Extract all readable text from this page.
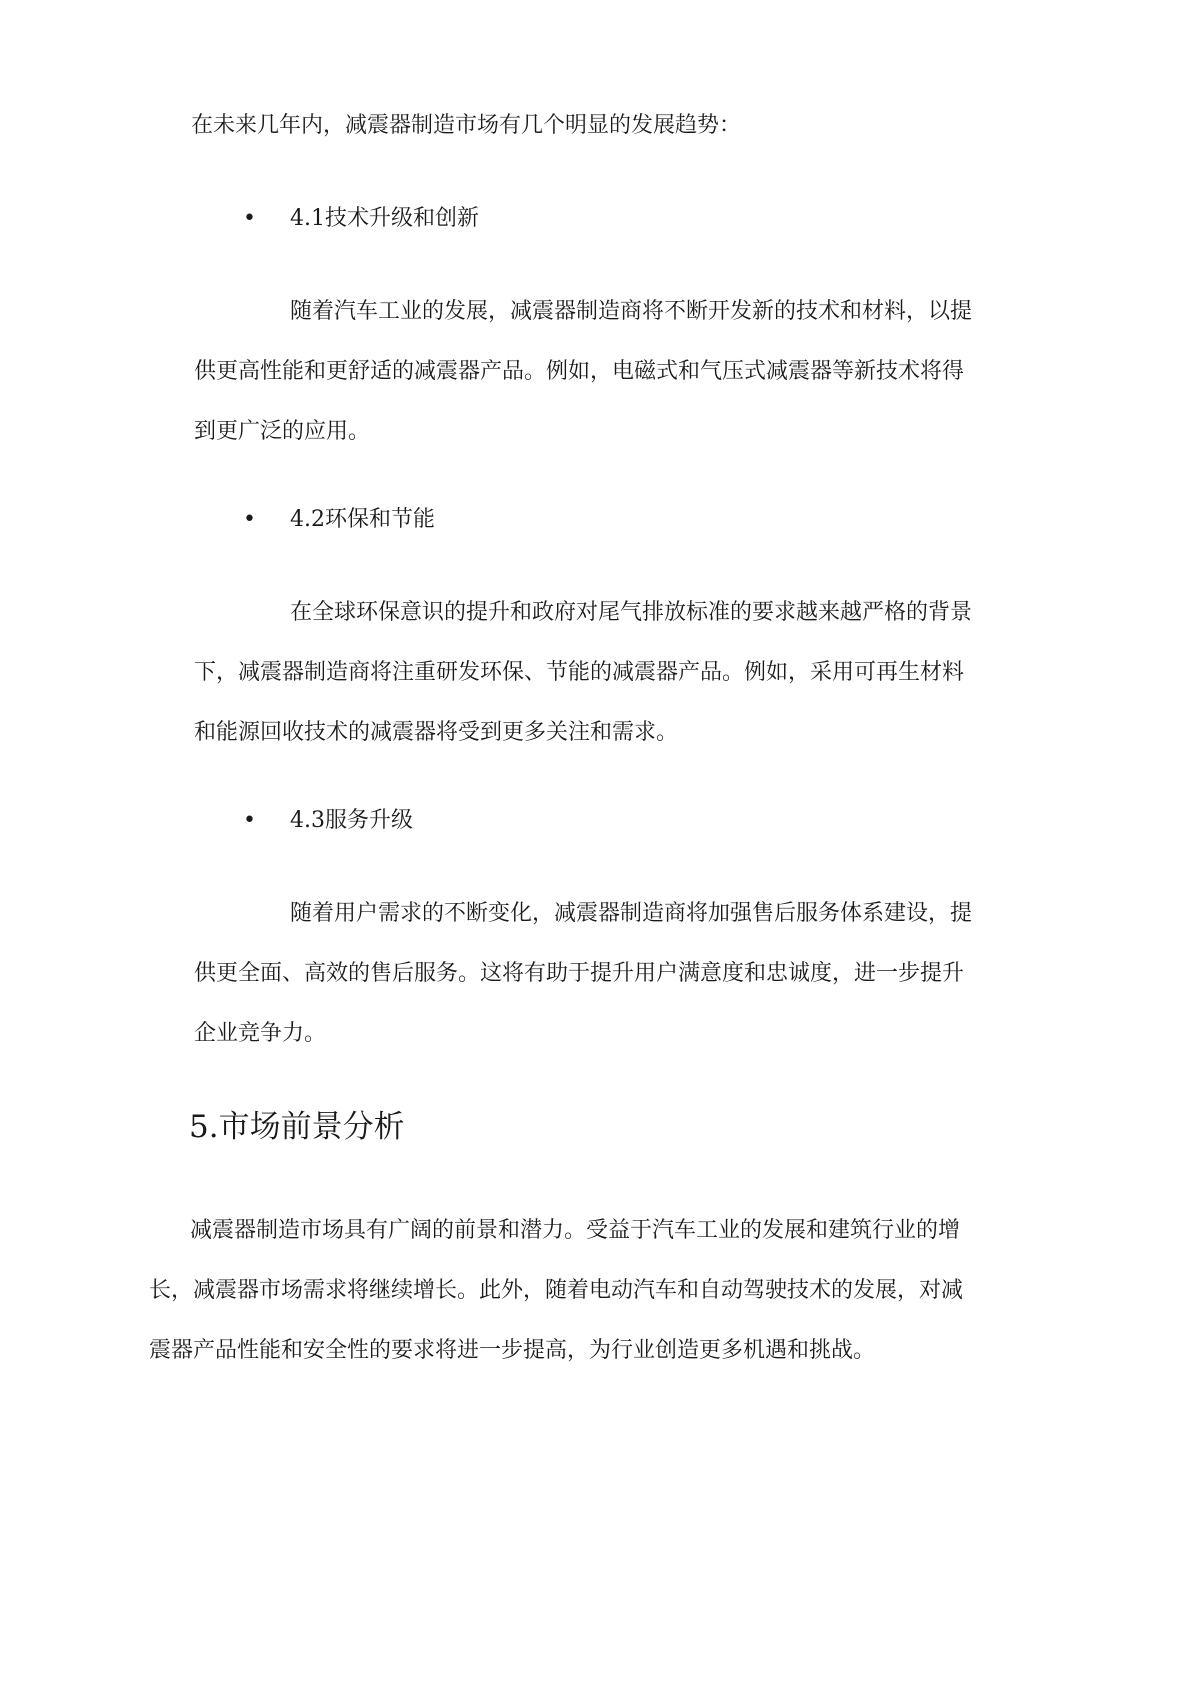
在未来几年内，减震器制造市场有几个明显的发展趋势：
• 4.1技术升级和创新
随着汽车工业的发展，减震器制造商将不断开发新的技术和材料，以提
供更高性能和更舒适的减震器产品。例如，电磁式和气压式减震器等新技术将得
到更广泛的应用。
• 4.2环保和节能
在全球环保意识的提升和政府对尾气排放标准的要求越来越严格的背景
下，减震器制造商将注重研发环保、节能的减震器产品。例如，采用可再生材料
和能源回收技术的减震器将受到更多关注和需求。
• 4.3服务升级
随着用户需求的不断变化，减震器制造商将加强售后服务体系建设，提
供更全面、高效的售后服务。这将有助于提升用户满意度和忠诚度，进一步提升
企业竞争力。
5.市场前景分析
减震器制造市场具有广阔的前景和潜力。受益于汽车工业的发展和建筑行业的增
长，减震器市场需求将继续增长。此外，随着电动汽车和自动驾驶技术的发展，对减
震器产品性能和安全性的要求将进一步提高，为行业创造更多机遇和挑战。
